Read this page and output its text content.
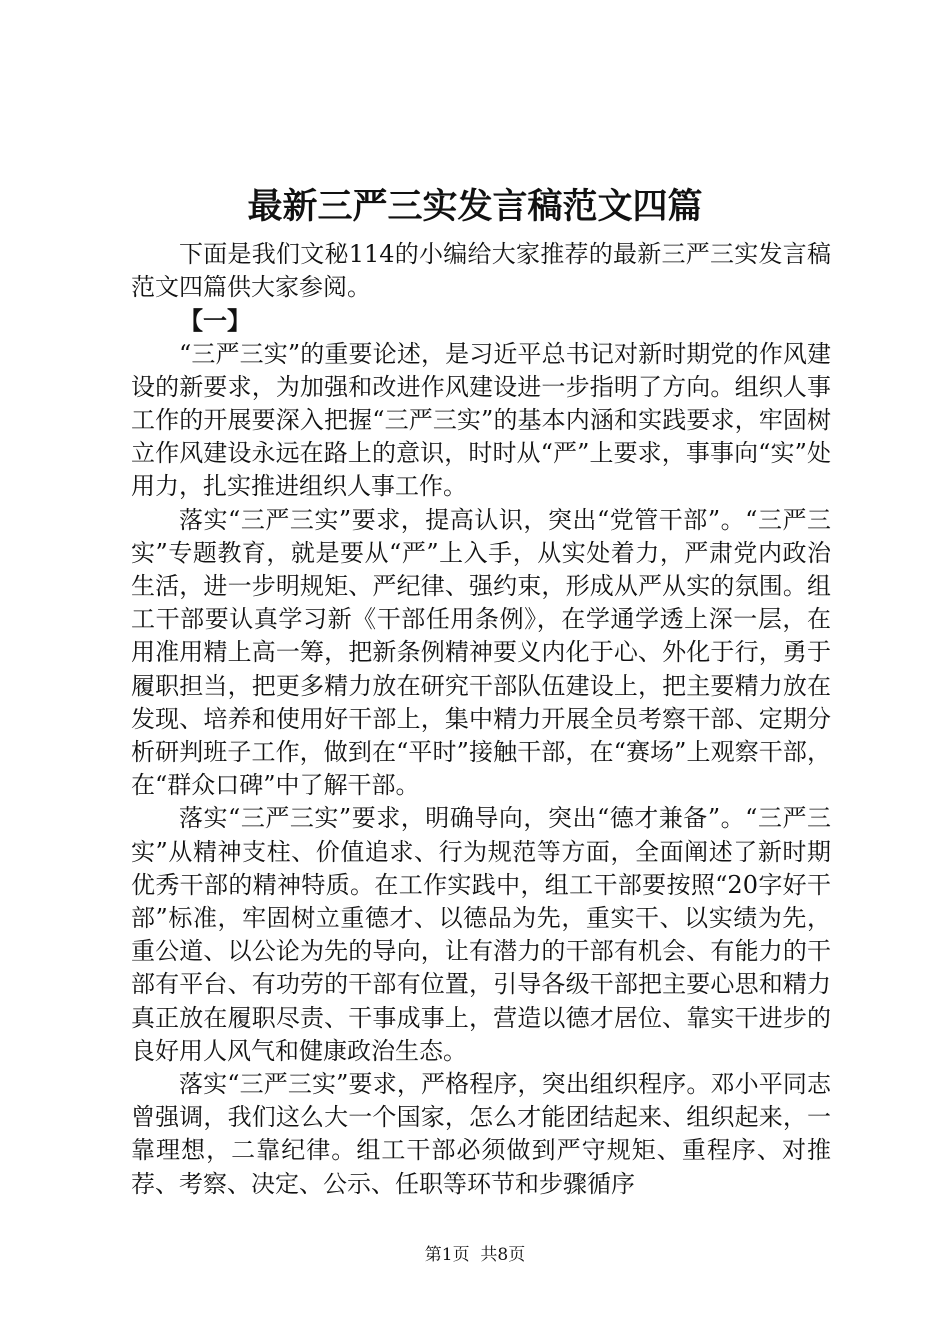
最新三严三实发言稿范文四篇

下面是我们文秘114的小编给大家推荐的最新三严三实发言稿范文四篇供大家参阅。

【一】

“三严三实”的重要论述，是习近平总书记对新时期党的作风建设的新要求，为加强和改进作风建设进一步指明了方向。组织人事工作的开展要深入把握“三严三实”的基本内涵和实践要求，牢固树立作风建设永远在路上的意识，时时从“严”上要求，事事向“实”处用力，扎实推进组织人事工作。

落实“三严三实”要求，提高认识，突出“党管干部”。“三严三实”专题教育，就是要从“严”上入手，从实处着力，严肃党内政治生活，进一步明规矩、严纪律、强约束，形成从严从实的氛围。组工干部要认真学习新《干部任用条例》，在学通学透上深一层，在用准用精上高一筹，把新条例精神要义内化于心、外化于行，勇于履职担当，把更多精力放在研究干部队伍建设上，把主要精力放在发现、培养和使用好干部上，集中精力开展全员考察干部、定期分析研判班子工作，做到在“平时”接触干部，在“赛场”上观察干部，在“群众口碑”中了解干部。

落实“三严三实”要求，明确导向，突出“德才兼备”。“三严三实”从精神支柱、价值追求、行为规范等方面，全面阐述了新时期优秀干部的精神特质。在工作实践中，组工干部要按照“20字好干部”标准，牢固树立重德才、以德品为先，重实干、以实绩为先，重公道、以公论为先的导向，让有潜力的干部有机会、有能力的干部有平台、有功劳的干部有位置，引导各级干部把主要心思和精力真正放在履职尽责、干事成事上，营造以德才居位、靠实干进步的良好用人风气和健康政治生态。

落实“三严三实”要求，严格程序，突出组织程序。邓小平同志曾强调，我们这么大一个国家，怎么才能团结起来、组织起来，一靠理想，二靠纪律。组工干部必须做到严守规矩、重程序、对推荐、考察、决定、公示、任职等环节和步骤循序

第1页 共8页
